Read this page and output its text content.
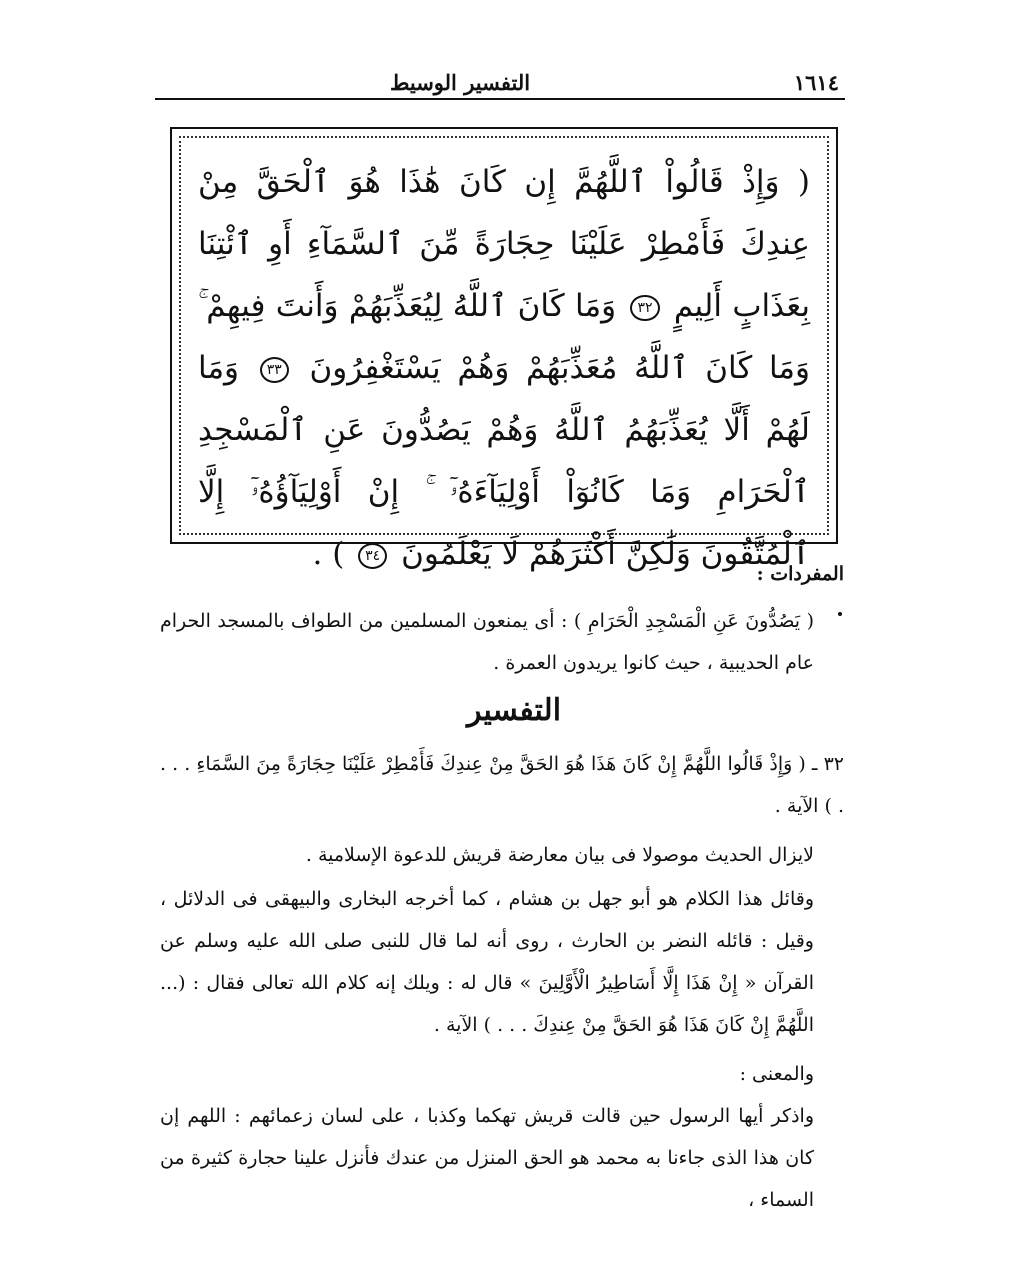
١٦١٤
التفسير الوسيط
( وَإِذْ قَالُواْ ٱللَّهُمَّ إِن كَانَ هَٰذَا هُوَ ٱلْحَقَّ مِنْ عِندِكَ فَأَمْطِرْ عَلَيْنَا حِجَارَةً مِّنَ ٱلسَّمَآءِ أَوِ ٱئْتِنَا بِعَذَابٍ أَلِيمٍ ٣٢ وَمَا كَانَ ٱللَّهُ لِيُعَذِّبَهُمْ وَأَنتَ فِيهِمْ ۚ وَمَا كَانَ ٱللَّهُ مُعَذِّبَهُمْ وَهُمْ يَسْتَغْفِرُونَ ٣٣ وَمَا لَهُمْ أَلَّا يُعَذِّبَهُمُ ٱللَّهُ وَهُمْ يَصُدُّونَ عَنِ ٱلْمَسْجِدِ ٱلْحَرَامِ وَمَا كَانُوٓاْ أَوْلِيَآءَهُۥٓ ۚ إِنْ أَوْلِيَآؤُهُۥٓ إِلَّا ٱلْمُتَّقُونَ وَلَٰكِنَّ أَكْثَرَهُمْ لَا يَعْلَمُونَ ٣٤ ) .
المفردات :
( يَصُدُّونَ عَنِ الْمَسْجِدِ الْحَرَامِ ) : أى يمنعون المسلمين من الطواف بالمسجد الحرام عام الحديبية ، حيث كانوا يريدون العمرة .
التفسير
٣٢ ـ ( وَإِذْ قَالُوا اللَّهُمَّ إِنْ كَانَ هَذَا هُوَ الحَقَّ مِنْ عِندِكَ فَأَمْطِرْ عَلَيْنَا حِجَارَةً مِنَ السَّمَاءِ . . . . ) الآية .
لايزال الحديث موصولا فى بيان معارضة قريش للدعوة الإسلامية .
وقائل هذا الكلام هو أبو جهل بن هشام ، كما أخرجه البخارى والبيهقى فى الدلائل ، وقيل : قائله النضر بن الحارث ، روى أنه لما قال للنبى صلى الله عليه وسلم عن القرآن « إِنْ هَذَا إِلَّا أَسَاطِيرُ الْأَوَّلِينَ » قال له : ويلك إنه كلام الله تعالى فقال : (... اللَّهُمَّ إِنْ كَانَ هَذَا هُوَ الحَقَّ مِنْ عِندِكَ . . . ) الآية .
والمعنى :
واذكر أيها الرسول حين قالت قريش تهكما وكذبا ، على لسان زعمائهم : اللهم إن كان هذا الذى جاءنا به محمد هو الحق المنزل من عندك فأنزل علينا حجارة كثيرة من السماء ،
